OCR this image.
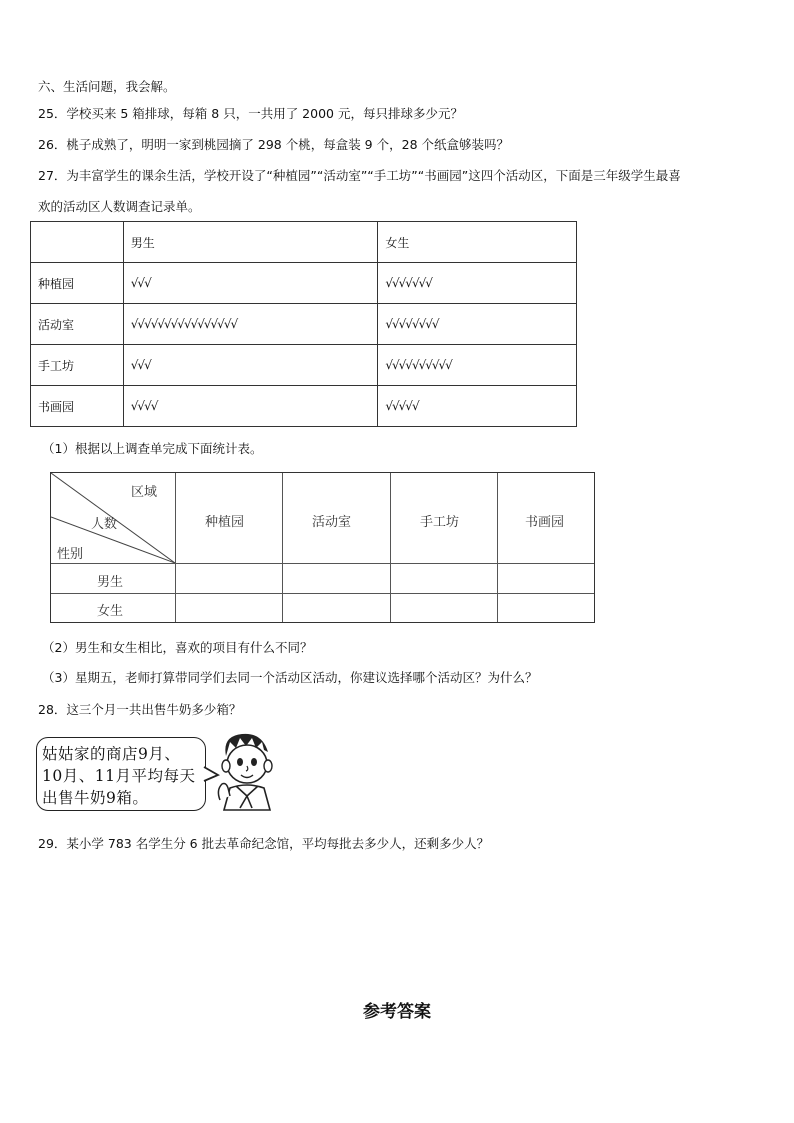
六、生活问题，我会解。
25．学校买来 5 箱排球，每箱 8 只，一共用了 2000 元，每只排球多少元？
26．桃子成熟了，明明一家到桃园摘了 298 个桃，每盒装 9 个，28 个纸盒够装吗？
27．为丰富学生的课余生活，学校开设了“种植园”“活动室”“手工坊”“书画园”这四个活动区，下面是三年级学生最喜
欢的活动区人数调查记录单。
	男生	女生
种植园	√√√	√√√√√√√
活动室	√√√√√√√√√√√√√√√√	√√√√√√√√
手工坊	√√√	√√√√√√√√√√
书画园	√√√√	√√√√√
（1）根据以上调查单完成下面统计表。
区域
人数
性别
种植园	活动室	手工坊	书画园
男生
女生
（2）男生和女生相比，喜欢的项目有什么不同？
（3）星期五，老师打算带同学们去同一个活动区活动，你建议选择哪个活动区？为什么？
28．这三个月一共出售牛奶多少箱？
姑姑家的商店9月、
10月、11月平均每天
出售牛奶9箱。
29．某小学 783 名学生分 6 批去革命纪念馆，平均每批去多少人，还剩多少人？
参考答案
